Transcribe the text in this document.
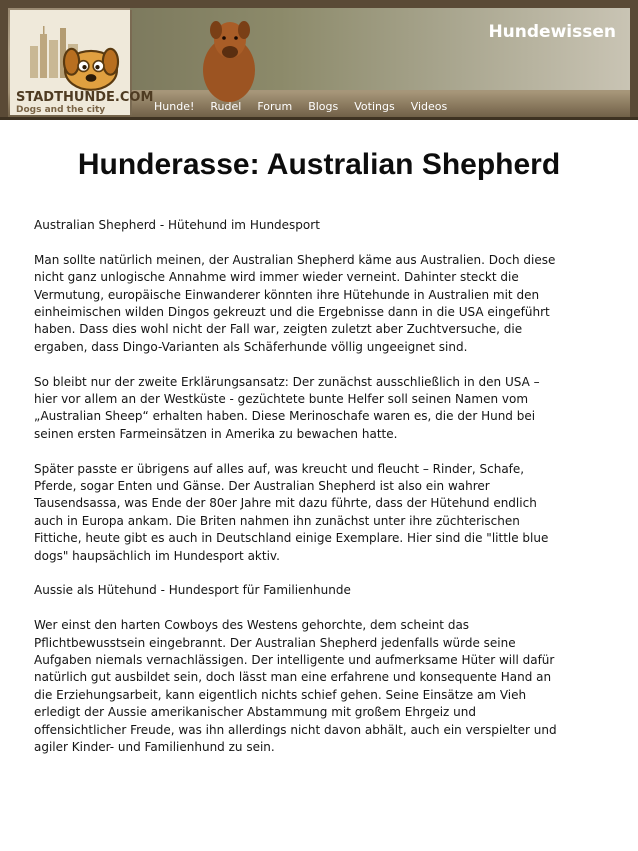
STADTHUNDE.COM
Dogs and the city
Hundewissen
Hunde!	Rudel	Forum	Blogs	Votings	Videos
Hunderasse: Australian Shepherd

Australian Shepherd - Hütehund im Hundesport

Man sollte natürlich meinen, der Australian Shepherd käme aus Australien. Doch diese nicht ganz unlogische Annahme wird immer wieder verneint. Dahinter steckt die Vermutung, europäische Einwanderer könnten ihre Hütehunde in Australien mit den einheimischen wilden Dingos gekreuzt und die Ergebnisse dann in die USA eingeführt haben. Dass dies wohl nicht der Fall war, zeigten zuletzt aber Zuchtversuche, die ergaben, dass Dingo-Varianten als Schäferhunde völlig ungeeignet sind.

So bleibt nur der zweite Erklärungsansatz: Der zunächst ausschließlich in den USA – hier vor allem an der Westküste - gezüchtete bunte Helfer soll seinen Namen vom „Australian Sheep“ erhalten haben. Diese Merinoschafe waren es, die der Hund bei seinen ersten Farmeinsätzen in Amerika zu bewachen hatte.

Später passte er übrigens auf alles auf, was kreucht und fleucht – Rinder, Schafe, Pferde, sogar Enten und Gänse. Der Australian Shepherd ist also ein wahrer Tausendsassa, was Ende der 80er Jahre mit dazu führte, dass der Hütehund endlich auch in Europa ankam. Die Briten nahmen ihn zunächst unter ihre züchterischen Fittiche, heute gibt es auch in Deutschland einige Exemplare. Hier sind die "little blue dogs" haupsächlich im Hundesport aktiv.

Aussie als Hütehund - Hundesport für Familienhunde

Wer einst den harten Cowboys des Westens gehorchte, dem scheint das Pflichtbewusstsein eingebrannt. Der Australian Shepherd jedenfalls würde seine Aufgaben niemals vernachlässigen. Der intelligente und aufmerksame Hüter will dafür natürlich gut ausbildet sein, doch lässt man eine erfahrene und konsequente Hand an die Erziehungsarbeit, kann eigentlich nichts schief gehen. Seine Einsätze am Vieh erledigt der Aussie amerikanischer Abstammung mit großem Ehrgeiz und offensichtlicher Freude, was ihn allerdings nicht davon abhält, auch ein verspielter und agiler Kinder- und Familienhund zu sein.
